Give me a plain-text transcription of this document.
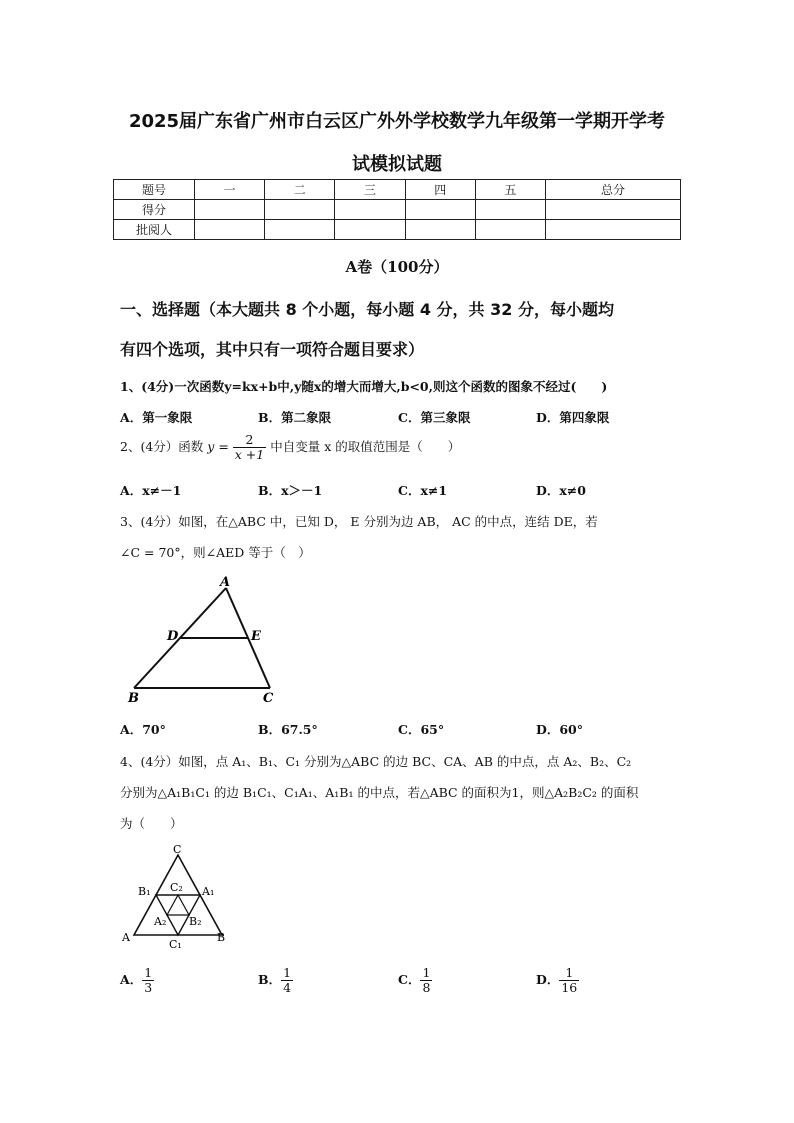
2025届广东省广州市白云区广外外学校数学九年级第一学期开学考
试模拟试题
题号	一	二	三	四	五	总分
得分						
批阅人						
A卷（100分）
一、选择题（本大题共 8 个小题，每小题 4 分，共 32 分，每小题均
有四个选项，其中只有一项符合题目要求）
1、(4分)一次函数y=kx+b中,y随x的增大而增大,b<0,则这个函数的图象不经过(　　)
A．第一象限	B．第二象限	C．第三象限	D．第四象限
2、(4分）函数 $y = \frac{2}{x +1}$ 中自变量 x 的取值范围是（　　）
A．x≠－1	B．x＞－1	C．x≠1	D．x≠0
3、(4分）如图，在△ABC 中，已知 D， E 分别为边 AB， AC 的中点，连结 DE，若
∠C = 70°，则∠AED 等于（　）
A
D	E
B	C
A．70°	B．67.5°	C．65°	D．60°
4、(4分）如图，点 A₁、B₁、C₁ 分别为△ABC 的边 BC、CA、AB 的中点，点 A₂、B₂、C₂
分别为△A₁B₁C₁ 的边 B₁C₁、C₁A₁、A₁B₁ 的中点，若△ABC 的面积为1，则△A₂B₂C₂ 的面积
为（　　）
C
B₁ C₂ A₁
A₂ B₂
A
C₁
B
A． $\frac{1}{3}$	B． $\frac{1}{4}$	C． $\frac{1}{8}$	D． $\frac{1}{16}$
